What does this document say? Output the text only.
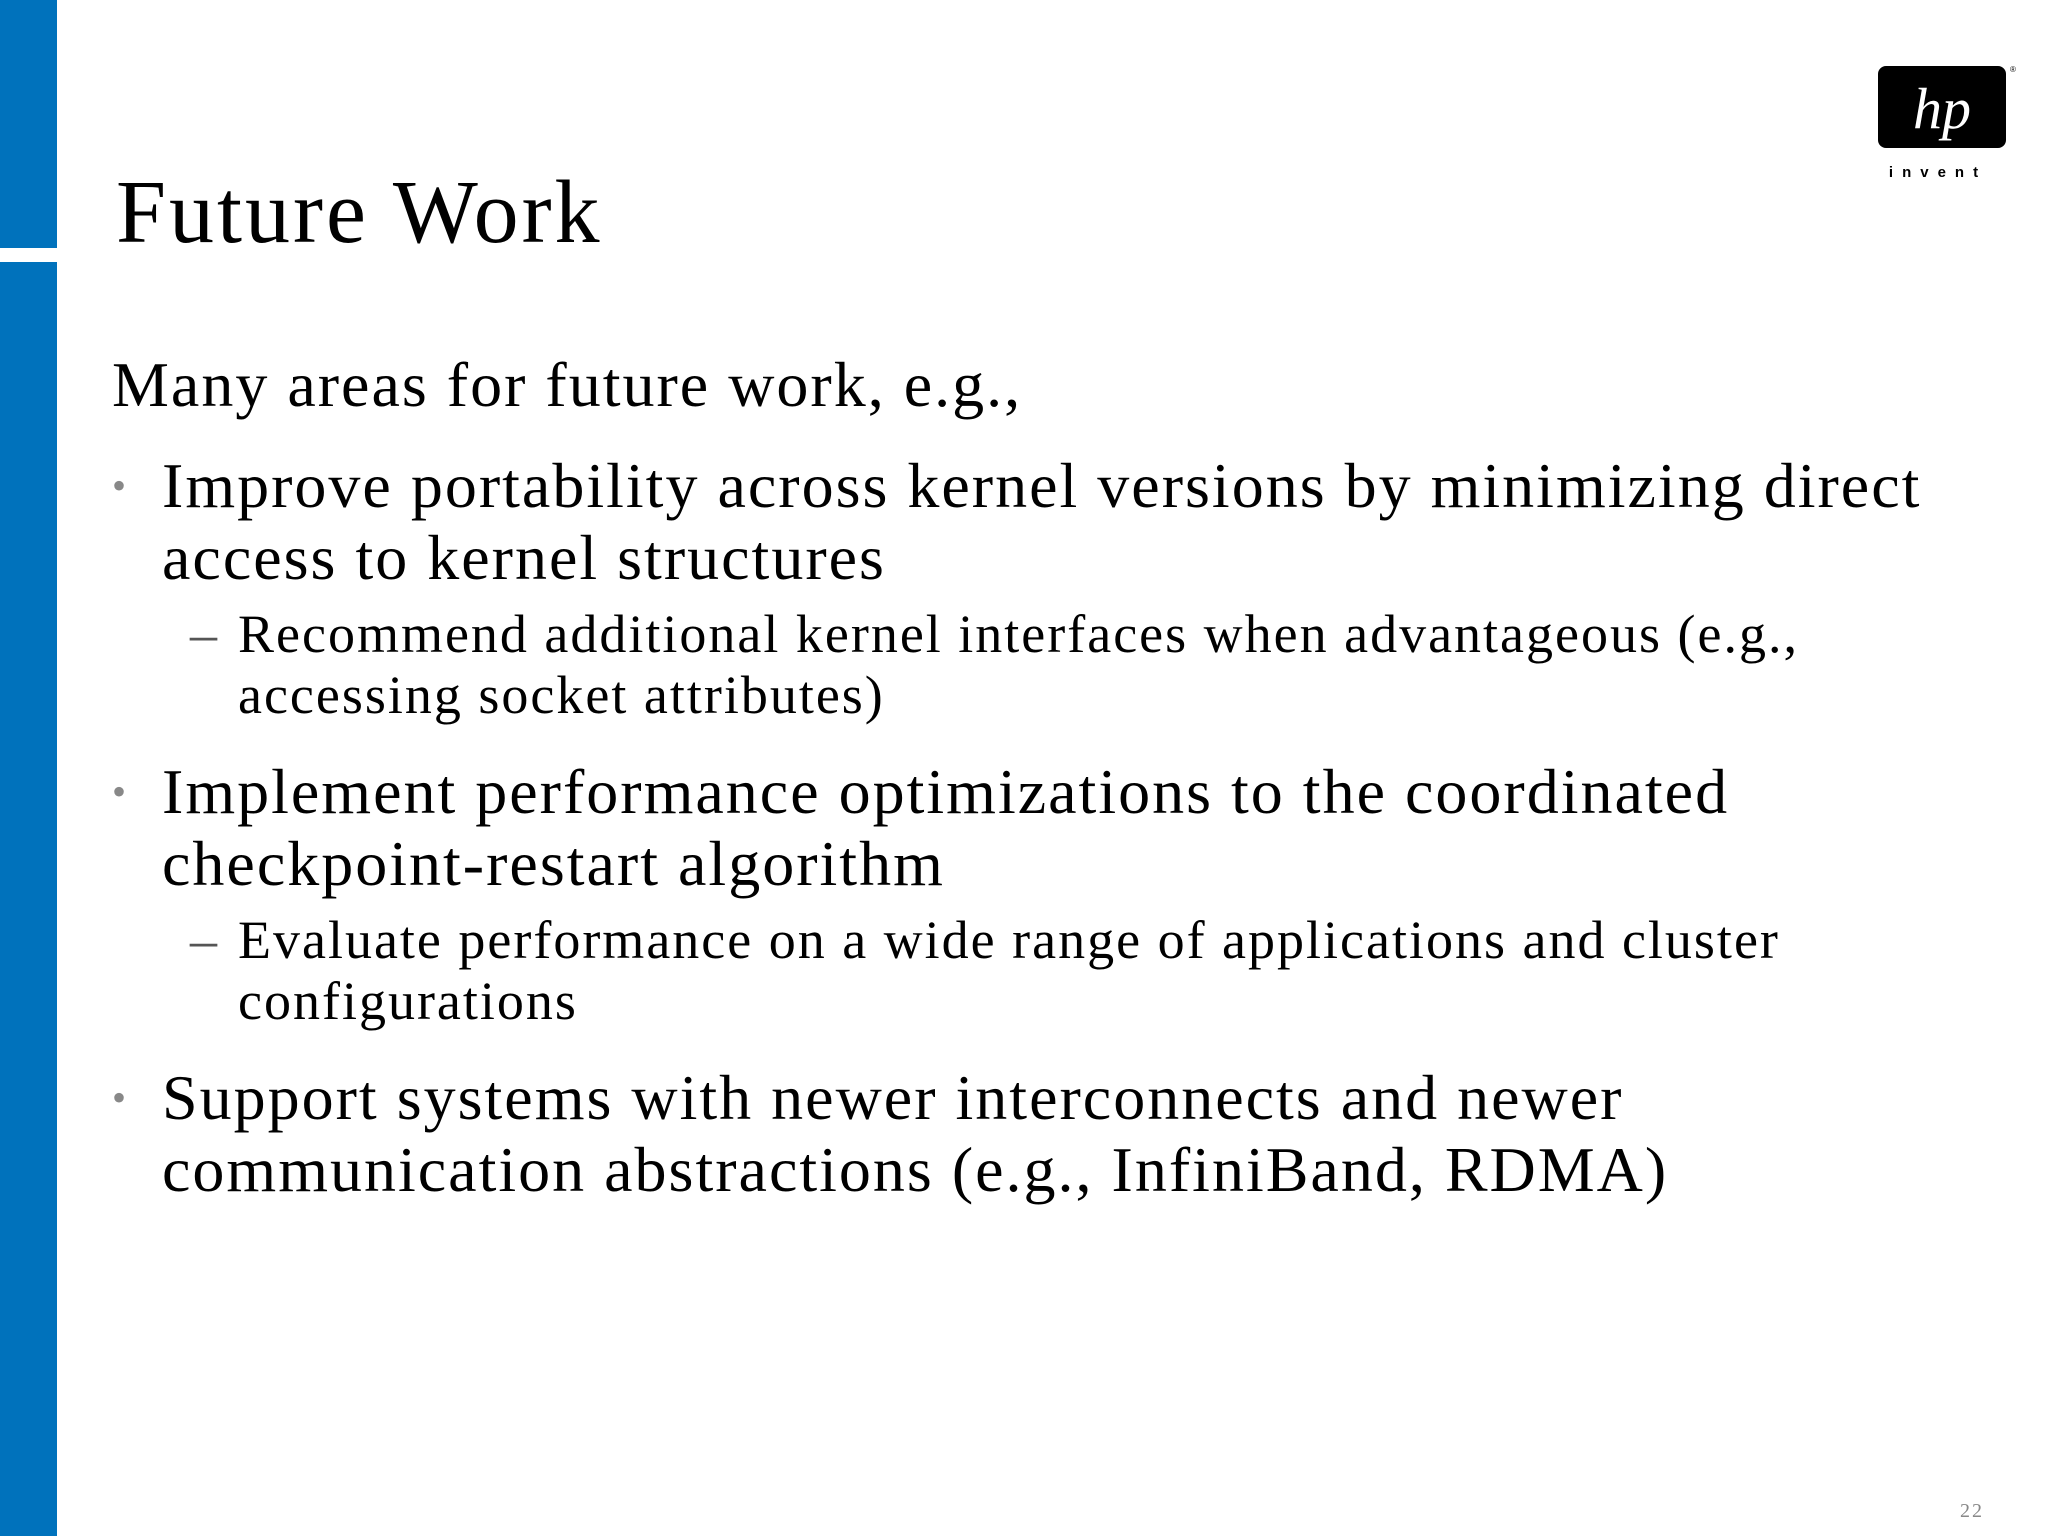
hp
®
invent
Future Work

Many areas for future work, e.g.,

• Improve portability across kernel versions by minimizing direct access to kernel structures
– Recommend additional kernel interfaces when advantageous (e.g., accessing socket attributes)
• Implement performance optimizations to the coordinated checkpoint-restart algorithm
– Evaluate performance on a wide range of applications and cluster configurations
• Support systems with newer interconnects and newer communication abstractions (e.g., InfiniBand, RDMA)
22
